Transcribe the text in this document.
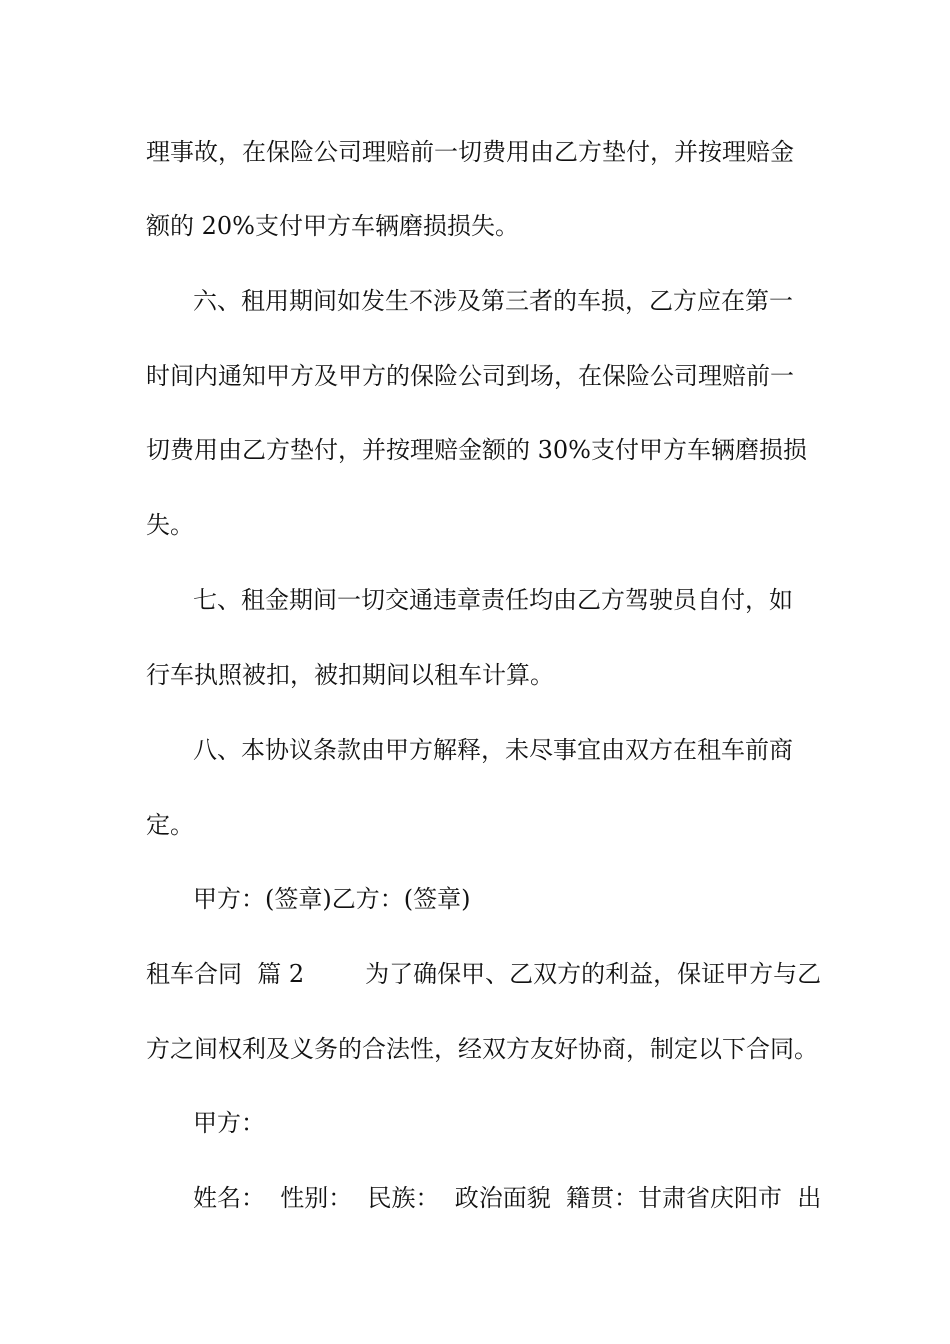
理事故，在保险公司理赔前一切费用由乙方垫付，并按理赔金

额的 20%支付甲方车辆磨损损失。

六、租用期间如发生不涉及第三者的车损，乙方应在第一

时间内通知甲方及甲方的保险公司到场，在保险公司理赔前一

切费用由乙方垫付，并按理赔金额的 30%支付甲方车辆磨损损

失。

七、租金期间一切交通违章责任均由乙方驾驶员自付，如

行车执照被扣，被扣期间以租车计算。

八、本协议条款由甲方解释，未尽事宜由双方在租车前商

定。

甲方：(签章)乙方：(签章)

租车合同  篇 2        为了确保甲、乙双方的利益，保证甲方与乙

方之间权利及义务的合法性，经双方友好协商，制定以下合同。

甲方：

姓名：  性别：  民族：  政治面貌  籍贯：甘肃省庆阳市  出
